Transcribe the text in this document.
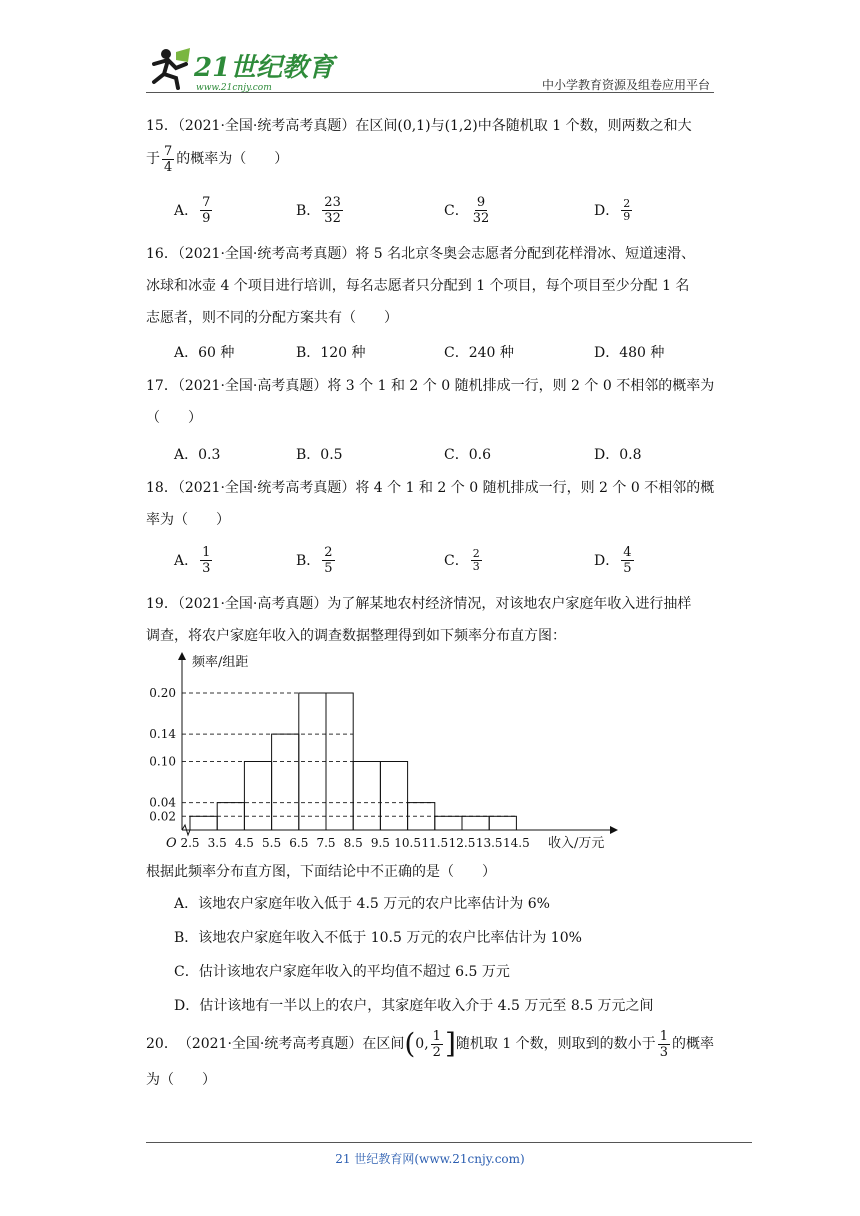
21世纪教育
www.21cnjy.com	中小学教育资源及组卷应用平台
15．（2021·全国·统考高考真题）在区间(0,1)与(1,2)中各随机取 1 个数，则两数之和大
于 $\frac{7}{4}$ 的概率为（　　）
A． $\frac{7}{9}$	B． $\frac{23}{32}$	C． $\frac{9}{32}$	D． $\frac{2}{9}$
16．（2021·全国·统考高考真题）将 5 名北京冬奥会志愿者分配到花样滑冰、短道速滑、
冰球和冰壶 4 个项目进行培训，每名志愿者只分配到 1 个项目，每个项目至少分配 1 名
志愿者，则不同的分配方案共有（　　）
A．60 种	B．120 种	C．240 种	D．480 种
17．（2021·全国·高考真题）将 3 个 1 和 2 个 0 随机排成一行，则 2 个 0 不相邻的概率为
（　　）
A．0.3	B．0.5	C．0.6	D．0.8
18．（2021·全国·统考高考真题）将 4 个 1 和 2 个 0 随机排成一行，则 2 个 0 不相邻的概
率为（　　）
A． $\frac{1}{3}$	B． $\frac{2}{5}$	C． $\frac{2}{3}$	D． $\frac{4}{5}$
19．（2021·全国·高考真题）为了解某地农村经济情况，对该地农户家庭年收入进行抽样
调查，将农户家庭年收入的调查数据整理得到如下频率分布直方图：
0.02
0.04
0.10
0.14
0.20
2.5 3.5 4.5 5.5 6.5 7.5 8.5 9.5 10.5 11.5 12.5 13.5 14.5
O
频率/组距
收入/万元
根据此频率分布直方图，下面结论中不正确的是（　　）
A．该地农户家庭年收入低于 4.5 万元的农户比率估计为 6%
B．该地农户家庭年收入不低于 10.5 万元的农户比率估计为 10%
C．估计该地农户家庭年收入的平均值不超过 6.5 万元
D．估计该地有一半以上的农户，其家庭年收入介于 4.5 万元至 8.5 万元之间
20． （2021·全国·统考高考真题） 在区间 ( 0, $\frac{1}{2}$ ] 随机取 1 个数，则取到的数小于 $\frac{1}{3}$ 的概率
为（　　）
21 世纪教育网(www.21cnjy.com)
